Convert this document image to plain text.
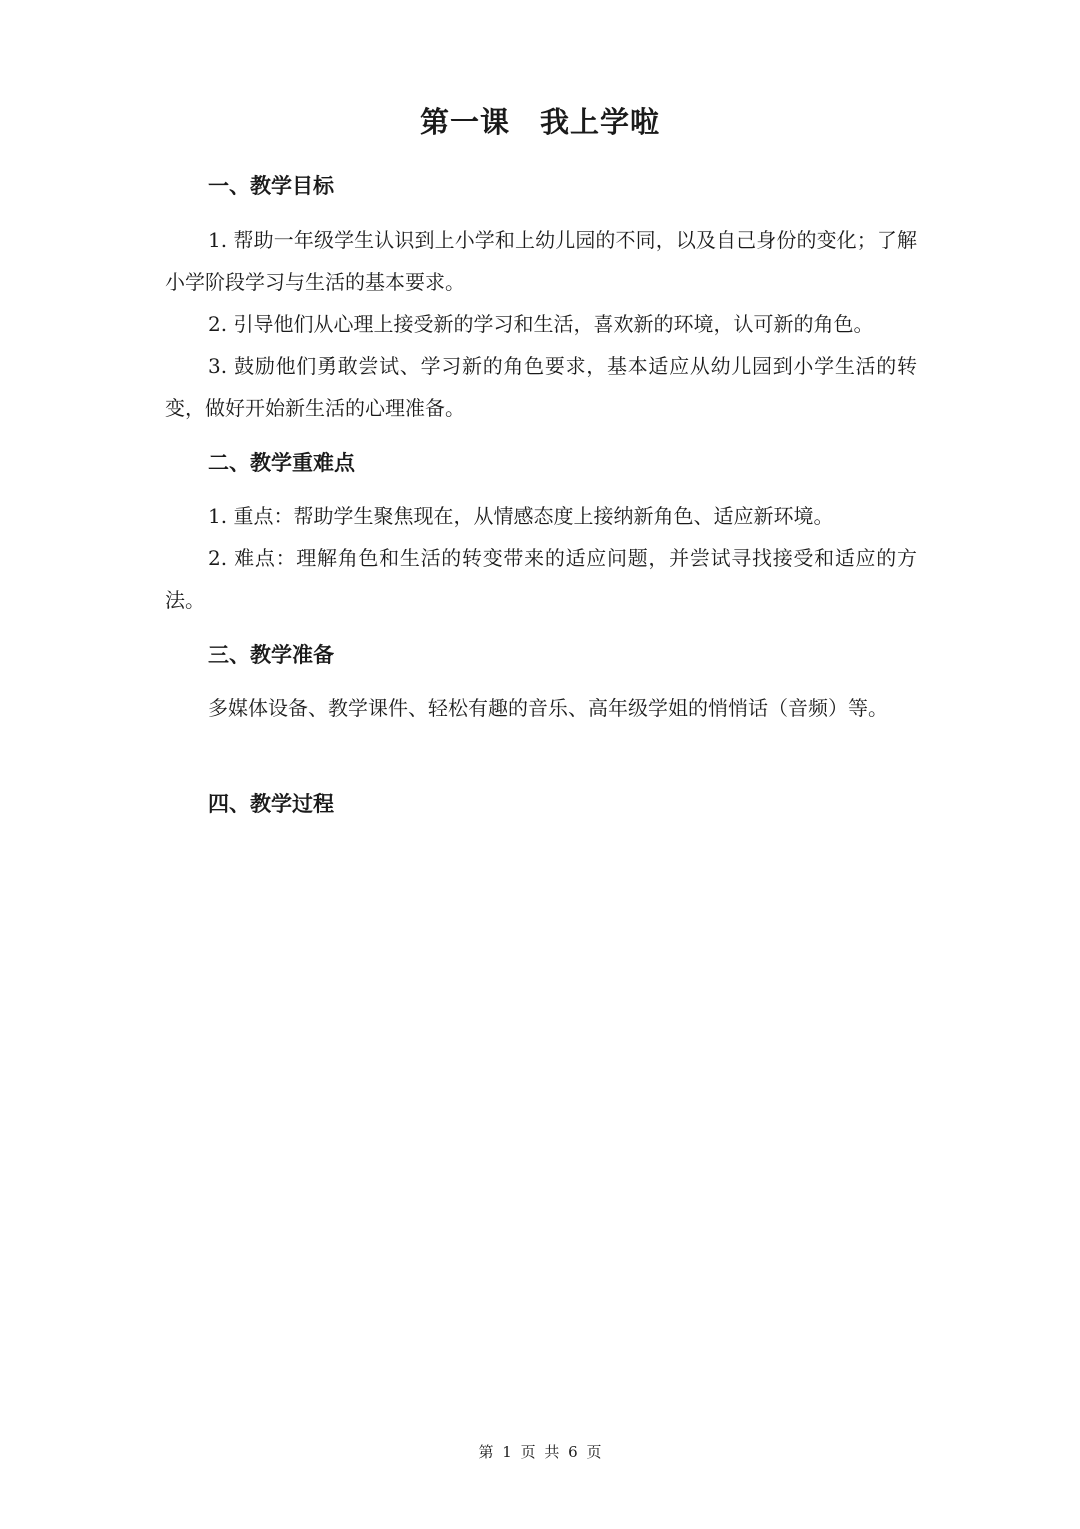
第一课 我上学啦
一、教学目标
1. 帮助一年级学生认识到上小学和上幼儿园的不同，以及自己身份的变化；了解小学阶段学习与生活的基本要求。
2. 引导他们从心理上接受新的学习和生活，喜欢新的环境，认可新的角色。
3. 鼓励他们勇敢尝试、学习新的角色要求，基本适应从幼儿园到小学生活的转变，做好开始新生活的心理准备。
二、教学重难点
1. 重点：帮助学生聚焦现在，从情感态度上接纳新角色、适应新环境。
2. 难点：理解角色和生活的转变带来的适应问题，并尝试寻找接受和适应的方法。
三、教学准备
多媒体设备、教学课件、轻松有趣的音乐、高年级学姐的悄悄话（音频）等。
四、教学过程
第 1 页 共 6 页
